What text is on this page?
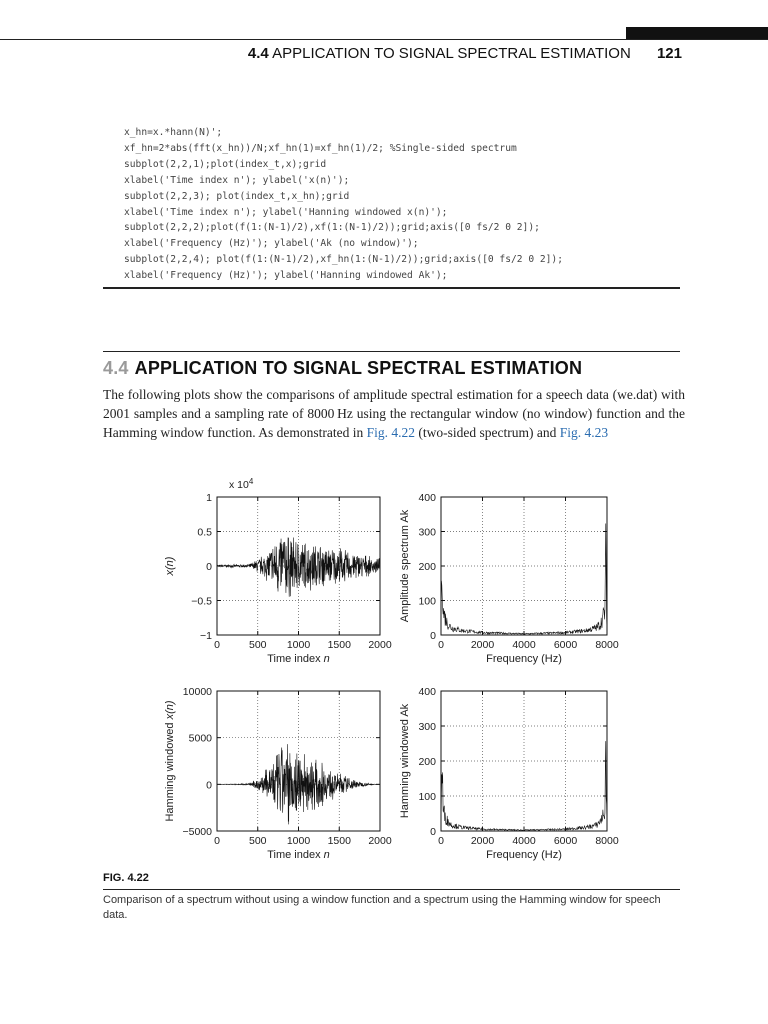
4.4 APPLICATION TO SIGNAL SPECTRAL ESTIMATION 121
x_hn=x.*hann(N)';
xf_hn=2*abs(fft(x_hn))/N;xf_hn(1)=xf_hn(1)/2; %Single-sided spectrum
subplot(2,2,1);plot(index_t,x);grid
xlabel('Time index n'); ylabel('x(n)');
subplot(2,2,3); plot(index_t,x_hn);grid
xlabel('Time index n'); ylabel('Hanning windowed x(n)');
subplot(2,2,2);plot(f(1:(N-1)/2),xf(1:(N-1)/2));grid;axis([0 fs/2 0 2]);
xlabel('Frequency (Hz)'); ylabel('Ak (no window)');
subplot(2,2,4); plot(f(1:(N-1)/2),xf_hn(1:(N-1)/2));grid;axis([0 fs/2 0 2]);
xlabel('Frequency (Hz)'); ylabel('Hanning windowed Ak');
4.4 APPLICATION TO SIGNAL SPECTRAL ESTIMATION
The following plots show the comparisons of amplitude spectral estimation for a speech data (we.dat) with 2001 samples and a sampling rate of 8000 Hz using the rectangular window (no window) function and the Hamming window function. As demonstrated in Fig. 4.22 (two-sided spectrum) and Fig. 4.23
0	500 1000 1500 2000
−1
−0.5
0
0.5
1
Time index n
x(n)
x $10^4$
0	2000 4000 6000 8000
0
100
200
300
400
Frequency (Hz)
Amplitude spectrum Ak
0	500 1000 1500 2000
−5000
0
5000
10000
Time index n
Hamming windowed x(n)
0	2000 4000 6000 8000
0
100
200
300
400
Frequency (Hz)
Hamming windowed Ak
FIG. 4.22
Comparison of a spectrum without using a window function and a spectrum using the Hamming window for speech data.
